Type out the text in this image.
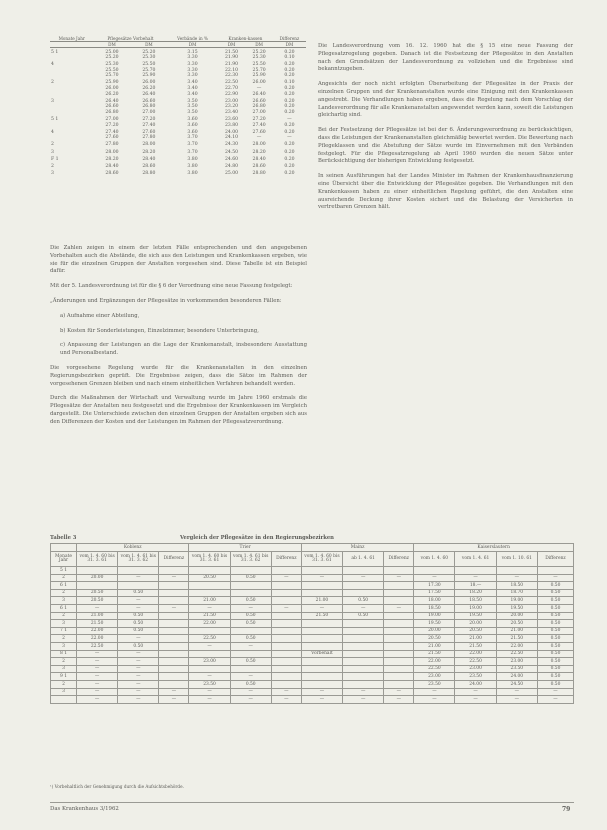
Monate Jahr	Pflegesätze Vorbehalt		Verbände in %	Kranken-kassen		Differenz
	DM	DM	DM	DM	DM	DM
5 1	25.00	25.20	3.15	21.50	25.20	0.20
	25.20	25.30	3.30	21.90	25.30	0.10
4	25.30	25.50	3.30	21.90	25.50	0.20
	25.50	25.70	3.30	22.10	25.70	0.20
	25.70	25.90	3.30	22.30	25.90	0.20
2	25.90	26.00	3.40	22.50	26.00	0.10
	26.00	26.20	3.40	22.70	—	0.20
	26.20	26.40	3.40	22.90	26.40	0.20
3	26.40	26.60	3.50	23.00	26.60	0.20
	26.60	26.80	3.50	23.20	26.80	0.20
	26.80	27.00	3.50	23.40	27.00	0.20
5 1	27.00	27.20	3.60	23.60	27.20	—
	27.20	27.40	3.60	23.80	27.40	0.20
4	27.40	27.60	3.60	24.00	27.60	0.20
	27.60	27.80	3.70	24.10	—	—
2	27.80	28.00	3.70	24.30	28.00	0.20
3	28.00	28.20	3.70	24.50	28.20	0.20
F 1	28.20	28.40	3.80	24.60	28.40	0.20
2	28.40	28.60	3.80	24.80	28.60	0.20
3	28.60	28.80	3.80	25.00	28.80	0.20

Die Zahlen zeigen in einem der letzten Fälle entsprechenden und den angegebenen Vorbehalten auch die Abstände, die sich aus den Leistungen und Krankenkassen ergeben, wie sie für die einzelnen Gruppen der Anstalten vorgesehen sind. Diese Tabelle ist ein Beispiel dafür.

Mit der 5. Landesverordnung ist für die § 6 der Verordnung eine neue Fassung festgelegt:

„Änderungen und Ergänzungen der Pflegesätze in vorkommenden besonderen Fällen:

a) Aufnahme einer Abteilung,

b) Kosten für Sonderleistungen, Einzelzimmer, besondere Unterbringung,

c) Anpassung der Leistungen an die Lage der Krankenanstalt, insbesondere Ausstattung und Personalbestand.

Die vorgesehene Regelung wurde für die Krankenanstalten in den einzelnen Regierungsbezirken geprüft. Die Ergebnisse zeigen, dass die Sätze im Rahmen der vorgesehenen Grenzen bleiben und nach einem einheitlichen Verfahren behandelt werden.

Durch die Maßnahmen der Wirtschaft und Verwaltung wurde im Jahre 1960 erstmals die Pflegesätze der Anstalten neu festgesetzt und die Ergebnisse der Krankenkassen im Vergleich dargestellt. Die Unterschiede zwischen den einzelnen Gruppen der Anstalten ergeben sich aus den Differenzen der Kosten und der Leistungen im Rahmen der Pflegesatzverordnung.

Die Landesverordnung vom 16. 12. 1960 hat die § 15 eine neue Fassung der Pflegesatzregelung gegeben. Danach ist die Festsetzung der Pflegesätze in den Anstalten nach den Grundsätzen der Landesverordnung zu vollziehen und die Ergebnisse sind bekanntzugeben.

Angesichts der noch nicht erfolgten Überarbeitung der Pflegesätze in der Praxis der einzelnen Gruppen und der Krankenanstalten wurde eine Einigung mit den Krankenkassen angestrebt. Die Verhandlungen haben ergeben, dass die Regelung nach dem Vorschlag der Landesverordnung für alle Krankenanstalten angewendet werden kann, soweit die Leistungen gleichartig sind.

Bei der Festsetzung der Pflegesätze ist bei der 6. Änderungsverordnung zu berücksichtigen, dass die Leistungen der Krankenanstalten gleichmäßig bewertet werden. Die Bewertung nach Pflegeklassen und die Abstufung der Sätze wurde im Einvernehmen mit den Verbänden festgelegt. Für die Pflegesatzregelung ab April 1960 wurden die neuen Sätze unter Berücksichtigung der bisherigen Entwicklung festgesetzt.

In seinen Ausführungen hat der Landes Minister im Rahmen der Krankenhausfinanzierung eine Übersicht über die Entwicklung der Pflegesätze gegeben. Die Verhandlungen mit den Krankenkassen haben zu einer einheitlichen Regelung geführt, die den Anstalten eine ausreichende Deckung ihrer Kosten sichert und die Belastung der Versicherten in vertretbaren Grenzen hält.

Tabelle 3	Vergleich der Pflegesätze in den Regierungsbezirken
	Koblenz			Trier			Mainz			Kaiserslautern			
Monate Jahr	vom 1. 4. 60 bis 31. 3. 61	vom 1. 4. 61 bis 31. 3. 62	Differenz	vom 1. 4. 60 bis 31. 3. 61	vom 1. 4. 61 bis 31. 3. 62	Differenz	vom 1. 4. 60 bis 31. 3. 61	ab 1. 4. 61	Differenz	vom 1. 4. 60	vom 1. 4. 61	vom 1. 10. 61	Differenz
5 1													
2	20.00	—	—	20.50	0.50	—	—	—	—	—	—	—	—
6 1										17.30	18.—	18.50	0.50
2	20.50	0.50								17.50	18.20	18.70	0.50
3	20.50	—		21.00	0.50		21.00	0.50		18.00	18.50	19.00	0.50
6 1	—	—	—	—	—	—	—	—	—	18.50	19.00	19.50	0.50
2	21.00	0.50		21.50	0.50		21.50	0.50		19.00	19.50	20.00	0.50
3	21.50	0.50		22.00	0.50					19.50	20.00	20.50	0.50
7 1	22.00	0.50								20.00	20.50	21.00	0.50
2	22.00	—		22.50	0.50					20.50	21.00	21.50	0.50
3	22.50	0.50		—	—					21.00	21.50	22.00	0.50
8 1	—	—					Vorbehalt			21.50	22.00	22.50	0.50
2	—	—		23.00	0.50					22.00	22.50	23.00	0.50
3	—	—								22.50	23.00	23.50	0.50
9 1	—	—		—	—					23.00	23.50	24.00	0.50
2	—	—		23.50	0.50					23.50	24.00	24.50	0.50
3	—	—	—	—	—	—	—	—	—	—	—	—	—
	—	—	—	—	—	—	—	—	—	—	—	—	—
¹) Vorbehaltlich der Genehmigung durch die Aufsichtsbehörde.
Das Krankenhaus 3/1962	79
